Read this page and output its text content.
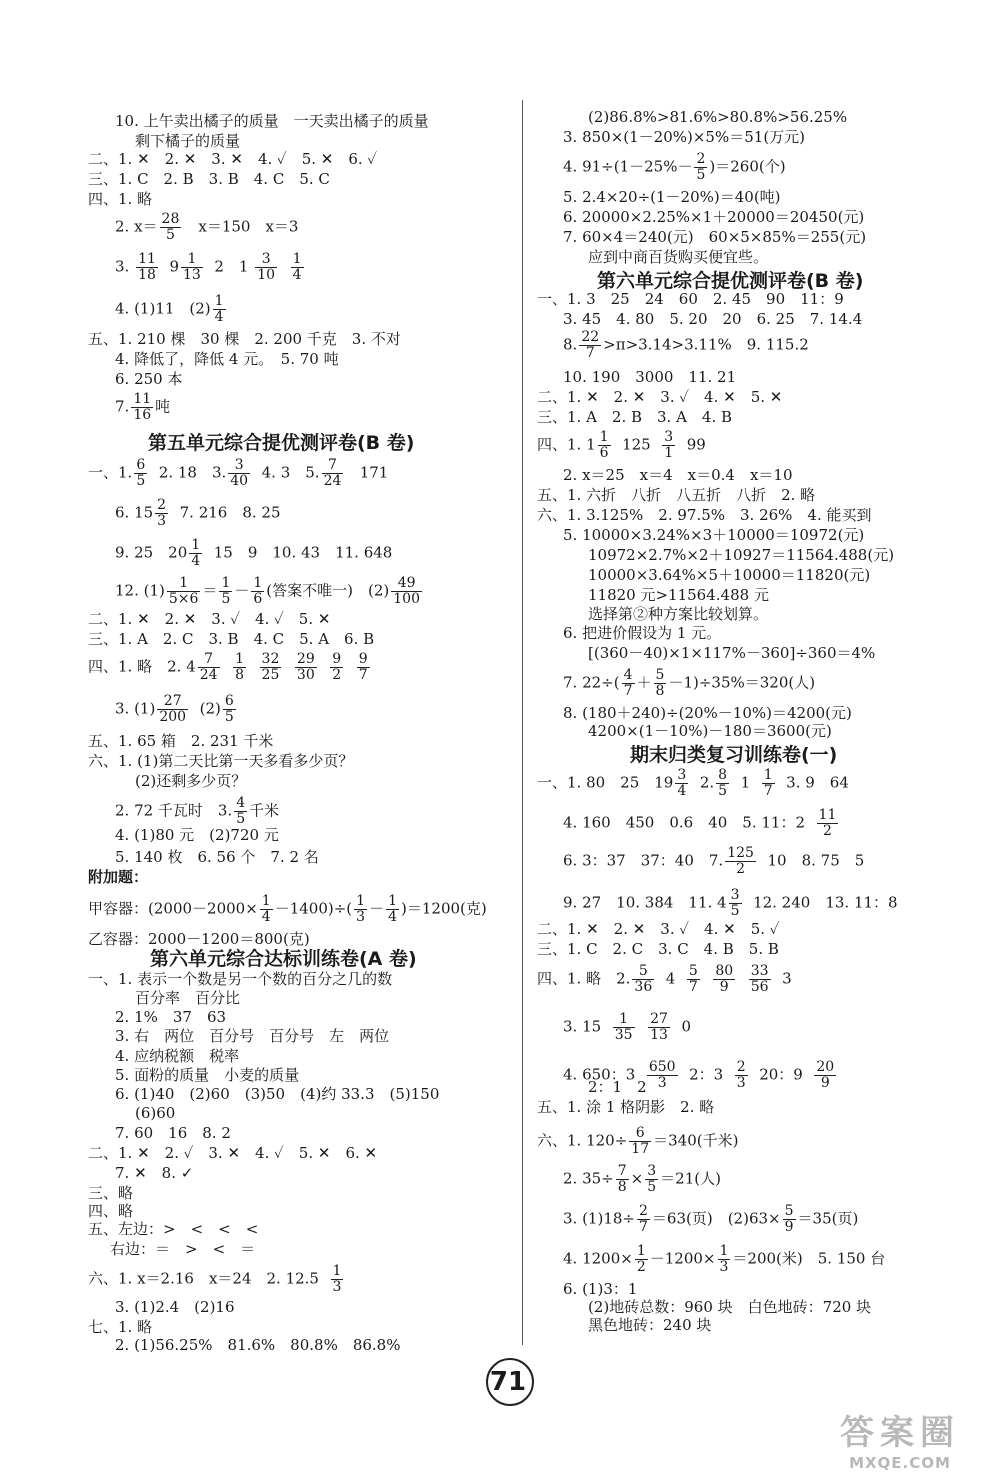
10. 上午卖出橘子的质量　一天卖出橘子的质量
剩下橘子的质量
二、1. ✕　2. ✕　3. ✕　4. ✓　5. ✕　6. ✓
三、1. C　2. B　3. B　4. C　5. C
四、1. 略
2. $x= \frac{28}{5}$ 　x＝150　x＝3
3. $\frac{11}{18} 9 \frac{1}{13} 2$　$1 \frac{3}{10}$
$\frac{1}{4}$
4. (1)11　$(2) \frac{1}{4}$
五、1. 210 棵　30 棵　2. 200 千克　3. 不对
4. 降低了，降低 4 元。　5. 70 吨
6. 250 本
7. $\frac{11}{16}$ 吨
第五单元综合提优测评卷(B 卷)
一、1. $\frac{6}{5} 2$. 18　3. $\frac{3}{40} 4$. 3　5. $\frac{7}{24} 171$
6. $15 \frac{2}{3} 7$. 216　8. 25
9. 25　$20 \frac{1}{4} 15$　9　10. 43　11. 648
12. $(1) \frac{1}{5\times 6} = \frac{1}{5} - \frac{1}{6}$ (答案不唯一)　$(2) \frac{49}{100}$
二、1. ✕　2. ✕　3. ✓　4. ✓　5. ✕
三、1. A　2. C　3. B　4. C　5. A　6. B
四、1. 略　2. $4 \frac{7}{24}$
$\frac{1}{8}$
$\frac{32}{25}$
$\frac{29}{30}$
$\frac{9}{2}$
$\frac{9}{7}$
3. $(1) \frac{27}{200} (2) \frac{6}{5}$
五、1. 65 箱　2. 231 千米
六、1. (1)第二天比第一天多看多少页？
(2)还剩多少页？
2. 72 千瓦时　3. $\frac{4}{5}$ 千米
4. (1)80 元　(2)720 元
5. 140 枚　6. 56 个　7. 2 名
附加题：
甲容器：$(2000-2000\times \frac{1}{4} -1400)\div( \frac{1}{3} - \frac{1}{4} )=1200$(克)
乙容器：2000－1200＝800(克)
第六单元综合达标训练卷(A 卷)
一、1. 表示一个数是另一个数的百分之几的数
百分率　百分比
2. 1%　37　63
3. 右　两位　百分号　百分号　左　两位
4. 应纳税额　税率
5. 面粉的质量　小麦的质量
6. (1)40　(2)60　(3)50　(4)约 33.3　(5)150
(6)60
7. 60　16　8. 2
二、1. ✕　2. ✓　3. ✕　4. ✓　5. ✕　6. ✕
7. ✕　8. ✓
三、略
四、略
五、左边：>　<　<　<
右边：＝　>　<　＝
六、1. x＝2.16　x＝24　2. $12.5 \frac{1}{3}$
3. (1)2.4　(2)16
七、1. 略
2. (1)56.25%　81.6%　80.8%　86.8%
(2)86.8%>81.6%>80.8%>56.25%
3. 850×(1－20%)×5%＝51(万元)
4. $91\div(1-25\%- \frac{2}{5} )=260$(个)
5. 2.4×20÷(1－20%)＝40(吨)
6. 20000×2.25%×1＋20000＝20450(元)
7. 60×4＝240(元)　60×5×85%＝255(元)
应到中商百货购买便宜些。
第六单元综合提优测评卷(B 卷)
一、1. 3　25　24　60　2. 45　90　11：9
3. 45　4. 80　5. 20　20　6. 25　7. 14.4
8. $\frac{22}{7} >\pi>3.14>3.11\%$　9. 115.2
10. 190　3000　11. 21
二、1. ✕　2. ✕　3. ✓　4. ✕　5. ✕
三、1. A　2. B　3. A　4. B
四、1. $1 \frac{1}{6} 125 \frac{3}{1} 99$
2. x＝25　x＝4　x＝0.4　x＝10
五、1. 六折　八折　八五折　八折　2. 略
六、1. 3.125%　2. 97.5%　3. 26%　4. 能买到
5. 10000×3.24%×3＋10000＝10972(元)
10972×2.7%×2＋10927＝11564.488(元)
10000×3.64%×5＋10000＝11820(元)
11820 元>11564.488 元
选择第②种方案比较划算。
6. 把进价假设为 1 元。
[(360－40)×1×117%－360]÷360＝4%
7. $22\div( \frac{4}{7} + \frac{5}{8} -1)\div 35\%=320$(人)
8. (180＋240)÷(20%－10%)＝4200(元)
4200×(1－10%)－180＝3600(元)
期末归类复习训练卷(一)
一、1. 80　25　$19 \frac{3}{4} 2$. $\frac{8}{5} 1 \frac{1}{7} 3$. 9　64
4. 160　450　0.6　40　5. 11：$2 \frac{11}{2}$
6. 3：37　37：40　7. $\frac{125}{2} 10$　8. 75　5
9. 27　10. 384　11. $4 \frac{3}{5} 12$. 240　13. 11：8
二、1. ✕　2. ✕　3. ✓　4. ✕　5. ✓
三、1. C　2. C　3. C　4. B　5. B
四、1. 略　2. $\frac{5}{36} 4 \frac{5}{7}$
$\frac{80}{9}$
$\frac{33}{56} 3$
3. $15 \frac{1}{35}$
$\frac{27}{13} 0$
4. 650：$3 \frac{650}{3} 2$：$3 \frac{2}{3} 20$：$9 \frac{20}{9}$
2：1　2
五、1. 涂 1 格阴影　2. 略
六、1. $120\div \frac{6}{17} =340$(千米)
2. $35\div \frac{7}{8} \times \frac{3}{5} =21$(人)
3. $(1)18\div \frac{2}{7} =63$(页)　$(2)63\times \frac{5}{9} =35$(页)
4. $1200\times \frac{1}{2} -1200\times \frac{1}{3} =200$(米)　5. 150 台
6. (1)3：1
(2)地砖总数：960 块　白色地砖：720 块
黑色地砖：240 块
71
答案圈
MXQE.COM
